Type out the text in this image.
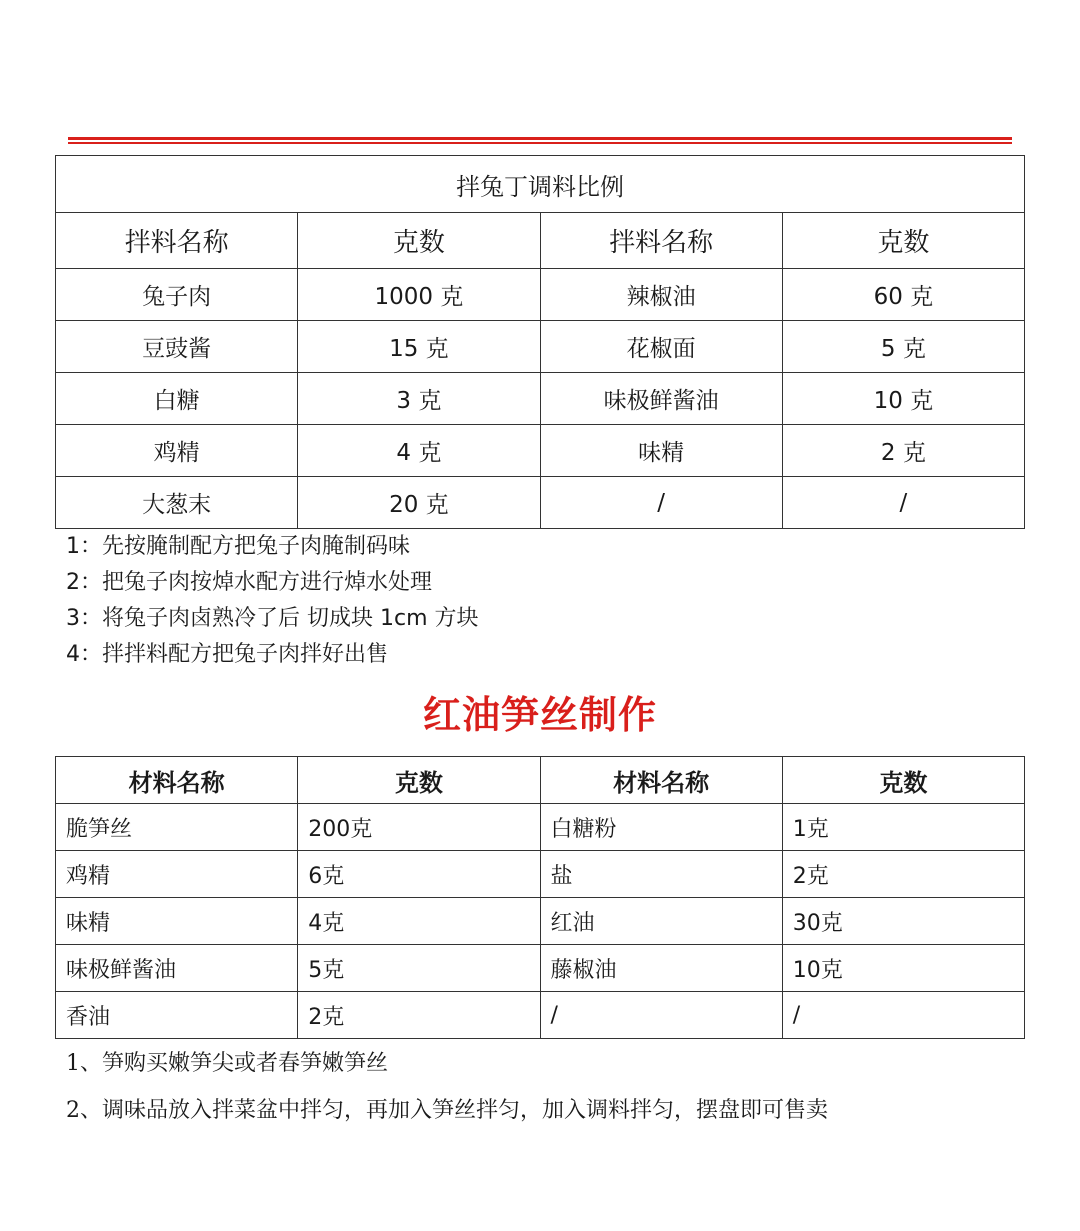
拌兔丁调料比例			
拌料名称	克数	拌料名称	克数
兔子肉	1000 克	辣椒油	60 克
豆豉酱	15 克	花椒面	5 克
白糖	3 克	味极鲜酱油	10 克
鸡精	4 克	味精	2 克
大葱末	20 克	/	/
1：先按腌制配方把兔子肉腌制码味
2：把兔子肉按焯水配方进行焯水处理
3：将兔子肉卤熟冷了后 切成块 1cm 方块
4：拌拌料配方把兔子肉拌好出售
红油笋丝制作
材料名称	克数	材料名称	克数
脆笋丝	200克	白糖粉	1克
鸡精	6克	盐	2克
味精	4克	红油	30克
味极鲜酱油	5克	藤椒油	10克
香油	2克	/	/
1、笋购买嫩笋尖或者春笋嫩笋丝
2、调味品放入拌菜盆中拌匀，再加入笋丝拌匀，加入调料拌匀，摆盘即可售卖
